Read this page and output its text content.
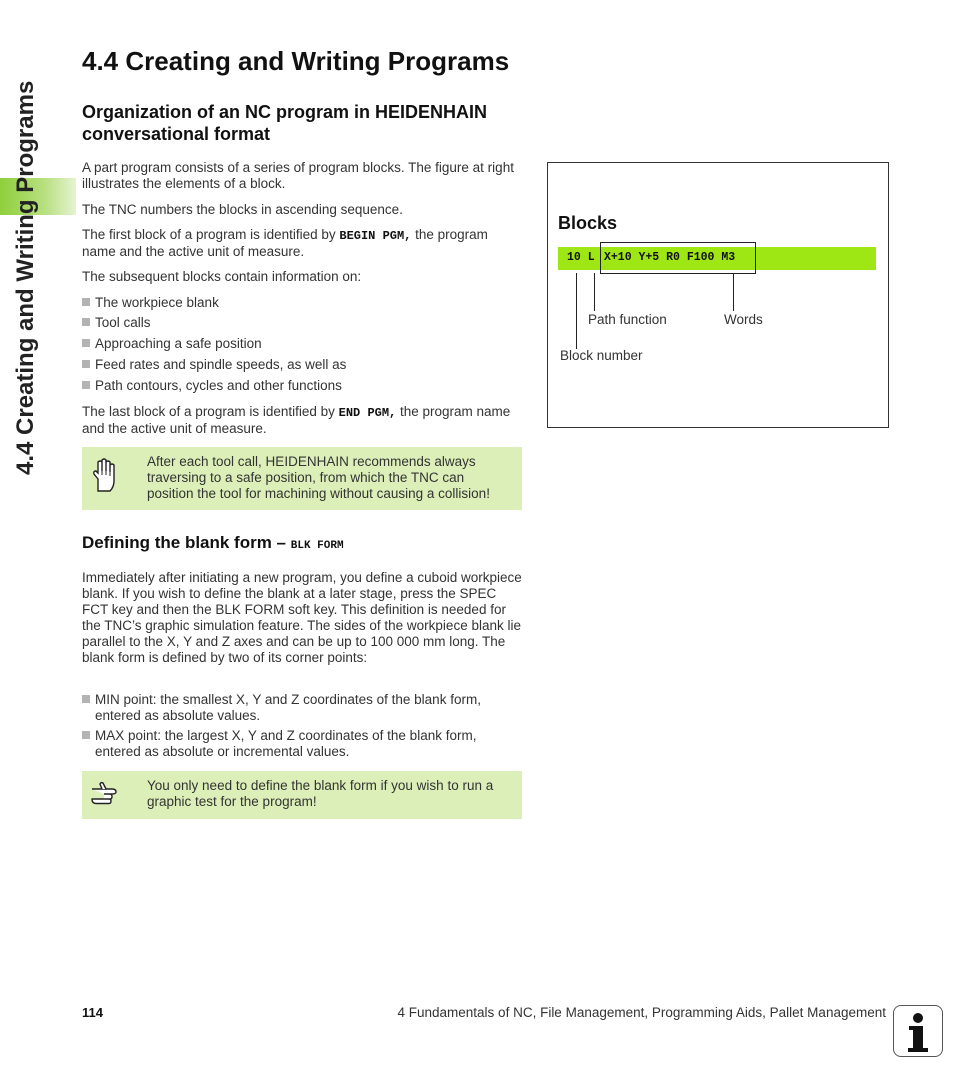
4.4 Creating and Writing Programs
4.4 Creating and Writing Programs
Organization of an NC program in HEIDENHAIN conversational format

A part program consists of a series of program blocks. The figure at right illustrates the elements of a block.

The TNC numbers the blocks in ascending sequence.

The first block of a program is identified by BEGIN PGM, the program name and the active unit of measure.

The subsequent blocks contain information on:

The workpiece blank
Tool calls
Approaching a safe position
Feed rates and spindle speeds, as well as
Path contours, cycles and other functions

The last block of a program is identified by END PGM, the program name and the active unit of measure.

After each tool call, HEIDENHAIN recommends always traversing to a safe position, from which the TNC can position the tool for machining without causing a collision!
Defining the blank form – BLK FORM

Immediately after initiating a new program, you define a cuboid workpiece blank. If you wish to define the blank at a later stage, press the SPEC FCT key and then the BLK FORM soft key. This definition is needed for the TNC’s graphic simulation feature. The sides of the workpiece blank lie parallel to the X, Y and Z axes and can be up to 100 000 mm long. The blank form is defined by two of its corner points:

MIN point: the smallest X, Y and Z coordinates of the blank form, entered as absolute values.
MAX point: the largest X, Y and Z coordinates of the blank form, entered as absolute or incremental values.
You only need to define the blank form if you wish to run a graphic test for the program!
Blocks
10 L X+10 Y+5 R0 F100 M3
Path function	Words
Block number
114	4 Fundamentals of NC, File Management, Programming Aids, Pallet Management
